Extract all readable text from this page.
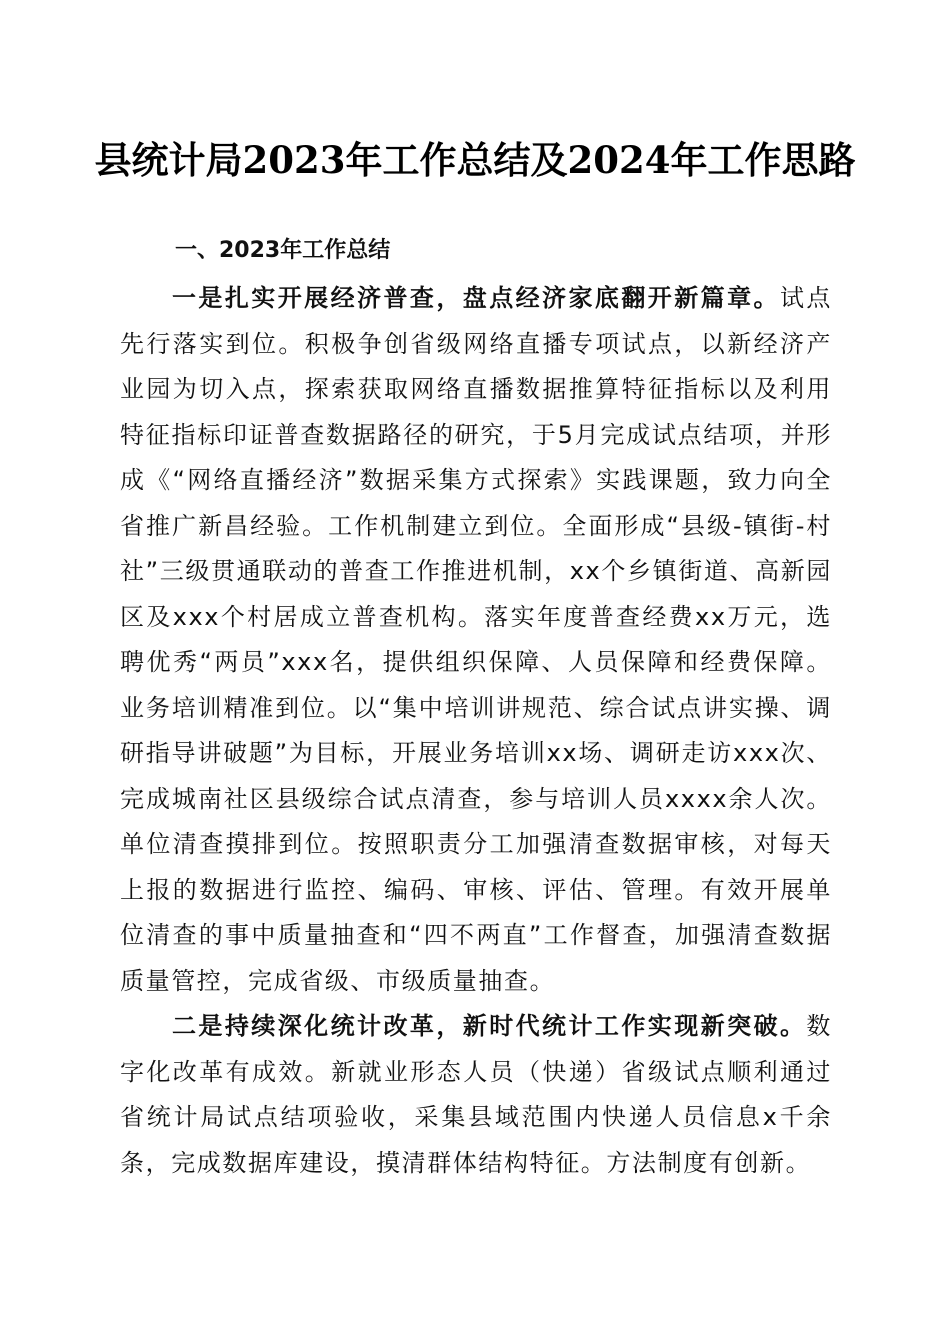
县统计局2023年工作总结及2024年工作思路
一、2023年工作总结

一是扎实开展经济普查，盘点经济家底翻开新篇章。试点先行落实到位。积极争创省级网络直播专项试点，以新经济产业园为切入点，探索获取网络直播数据推算特征指标以及利用特征指标印证普查数据路径的研究，于5月完成试点结项，并形成《“网络直播经济”数据采集方式探索》实践课题，致力向全省推广新昌经验。工作机制建立到位。全面形成“县级-镇街-村社”三级贯通联动的普查工作推进机制，xx个乡镇街道、高新园区及xxx个村居成立普查机构。落实年度普查经费xx万元，选聘优秀“两员”xxx名，提供组织保障、人员保障和经费保障。业务培训精准到位。以“集中培训讲规范、综合试点讲实操、调研指导讲破题”为目标，开展业务培训xx场、调研走访xxx次、完成城南社区县级综合试点清查，参与培训人员xxxx余人次。单位清查摸排到位。按照职责分工加强清查数据审核，对每天上报的数据进行监控、编码、审核、评估、管理。有效开展单位清查的事中质量抽查和“四不两直”工作督查，加强清查数据质量管控，完成省级、市级质量抽查。

二是持续深化统计改革，新时代统计工作实现新突破。数字化改革有成效。新就业形态人员（快递）省级试点顺利通过省统计局试点结项验收，采集县域范围内快递人员信息x千余条，完成数据库建设，摸清群体结构特征。方法制度有创新。
